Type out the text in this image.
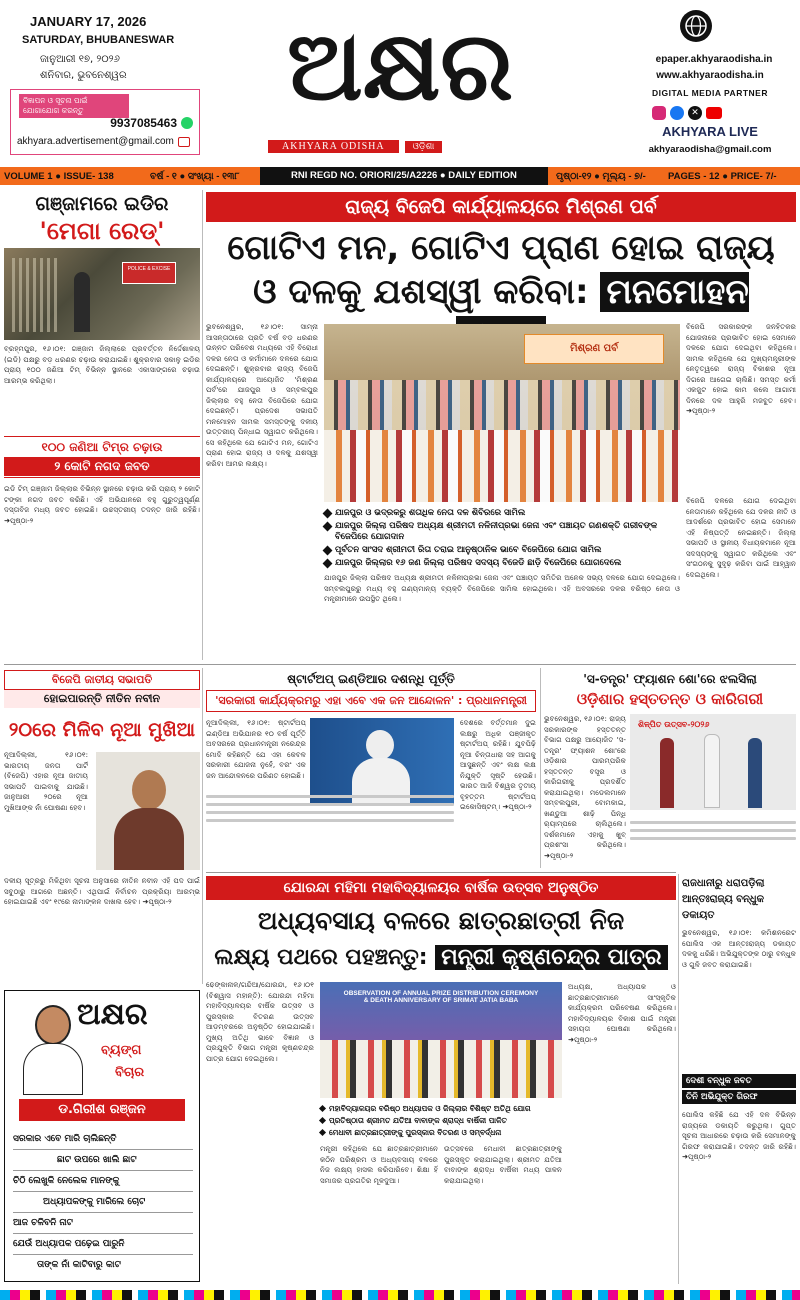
JANUARY 17, 2026
SATURDAY, BHUBANESWAR
ଜାନୁଆରୀ ୧୭, ୨୦୨୬
ଶନିବାର, ଭୁବନେଶ୍ୱର
ବିଜ୍ଞାପନ ଓ ସୂଚନା ପାଇଁ ଯୋଗାଯୋଗ କରନ୍ତୁ
9937085463
akhyara.advertisement@gmail.com
ଅକ୍ଷର
AKHYARA ODISHA	ଓଡ଼ିଶା
epaper.akhyaraodisha.in
www.akhyaraodisha.in
DIGITAL MEDIA PARTNER
✕
AKHYARA LIVE
akhyaraodisha@gmail.com
VOLUME 1 ● ISSUE- 138	ବର୍ଷ - ୧ ● ସଂଖ୍ୟା - ୧୩୮	RNI REGD NO. ORIORI/25/A2226 ● DAILY EDITION	ପୃଷ୍ଠା-୧୨ ● ମୂଲ୍ୟ - ୭/-	PAGES - 12 ● PRICE- 7/-
ଗଞ୍ଜାମରେ ଇଡିର
'ମେଗା ରେଡ୍'
POLICE & EXCISE
ବ୍ରହ୍ମପୁର, ୧୬।୦୧: ଗଞ୍ଜାମ ଜିଲ୍ଲାରେ ପ୍ରବର୍ତ୍ତନ ନିର୍ଦ୍ଦେଶାଳୟ (ଇଡି) ପକ୍ଷରୁ ବଡ଼ ଧରଣର ଚଢ଼ାଉ କରାଯାଇଛି। ଶୁକ୍ରବାର ସକାଳୁ ଇଡିର ପ୍ରାୟ ୧୦୦ ଜଣିଆ ଟିମ୍ ବିଭିନ୍ନ ସ୍ଥାନରେ ଏକାସାଙ୍ଗରେ ଚଢ଼ାଉ ଆରମ୍ଭ କରିଥିଲା।
୧୦୦ ଜଣିଆ ଟିମ୍‌ର ଚଢ଼ାଉ
୨ କୋଟି ନଗଦ ଜବତ
ଇଡି ଟିମ୍ ଗଞ୍ଜାମ ଜିଲ୍ଲାର ବିଭିନ୍ନ ସ୍ଥାନରେ ଚଢ଼ାଉ କରି ପ୍ରାୟ ୨ କୋଟି ଟଙ୍କା ନଗଦ ଜବତ କରିଛି। ଏହି ଅଭିଯାନରେ ବହୁ ଗୁରୁତ୍ୱପୂର୍ଣ୍ଣ ଦସ୍ତାବିଜ ମଧ୍ୟ ଜବତ ହୋଇଛି। ଉଚ୍ଚସ୍ତରୀୟ ତଦନ୍ତ ଜାରି ରହିଛି। ➜ପୃଷ୍ଠା-୨
ରାଜ୍ୟ ବିଜେପି କାର୍ଯ୍ୟାଳୟରେ ମିଶ୍ରଣ ପର୍ବ
ଗୋଟିଏ ମନ, ଗୋଟିଏ ପ୍ରାଣ ହୋଇ ରାଜ୍ୟ
ଓ ଦଳକୁ ଯଶସ୍ୱୀ କରିବା: ମନମୋହନ
ଭୁବନେଶ୍ୱର, ୧୬।୦୧: ସାମ୍ନା ଆସନ୍ତାଠାରେ ପ୍ରତି ବର୍ଷ ବଡ଼ ଧରଣର ଉନ୍ନତ ପରିବେଶ ମଧ୍ୟରେ ଏହି ବିରୋଧୀ ଦଳର ନେତା ଓ କର୍ମୀମାନେ ଦଳରେ ଯୋଗ ଦେଇଛନ୍ତି। ଶୁକ୍ରବାର ରାଜ୍ୟ ବିଜେପି କାର୍ଯ୍ୟାଳୟରେ ଆୟୋଜିତ 'ମିଶ୍ରଣ ପର୍ବ'ରେ ଯାଜପୁର ଓ ସମ୍ବଲପୁର ଜିଲ୍ଲାର ବହୁ ନେତା ବିଜେପିରେ ଯୋଗ ଦେଇଛନ୍ତି। ପ୍ରଦେଶ ସଭାପତି ମନମୋହନ ସାମଲ ସମସ୍ତଙ୍କୁ ଦଳୀୟ ଉତ୍ତରୀୟ ପିନ୍ଧାଇ ସ୍ୱାଗତ କରିଥିଲେ। ସେ କହିଥିଲେ ଯେ ଗୋଟିଏ ମନ, ଗୋଟିଏ ପ୍ରାଣ ହୋଇ ରାଜ୍ୟ ଓ ଦଳକୁ ଯଶସ୍ୱୀ କରିବା ଆମର ଲକ୍ଷ୍ୟ।
ମିଶ୍ରଣ ପର୍ବ
ଯାଜପୁର ଓ ଭଦ୍ରକରୁ ଶତାଧିକ ନେତା ଦଳ ଶିବିରରେ ସାମିଲ
ଯାଜପୁର ଜିଲ୍ଲା ପରିଷଦ ଅଧ୍ୟକ୍ଷ ଶ୍ରୀମତୀ ନଳିନୀପ୍ରଭା ଜେନା ଏବଂ ପଞ୍ଚାୟତ ଗଣଶକ୍ତି ଗରୀବଙ୍କ ବିଜେପିରେ ଯୋଗଦାନ
ପୂର୍ବତନ ସାଂସଦ ଶ୍ରୀମତୀ ରିତା ତରାଇ ଆନୁଷ୍ଠାନିକ ଭାବେ ବିଜେପିରେ ଯୋଗ ସାମିଲ
ଯାଜପୁର ଜିଲ୍ଲାର ୧୬ ଜଣ ଜିଲ୍ଲା ପରିଷଦ ସଦସ୍ୟ ବିଜେଡି ଛାଡ଼ି ବିଜେପିରେ ଯୋଗଦେଲେ
ଯାଜପୁର ଜିଲ୍ଲା ପରିଷଦ ଅଧ୍ୟକ୍ଷ ଶ୍ରୀମତୀ ନଳିନୀପ୍ରଭା ଜେନା ଏବଂ ପଞ୍ଚାୟତ ସମିତିର ଅନେକ ସଭ୍ୟ ଦଳରେ ଯୋଗ ଦେଇଥିଲେ। ସମ୍ବଲପୁରରୁ ମଧ୍ୟ ବହୁ ଗଣ୍ୟମାନ୍ୟ ବ୍ୟକ୍ତି ବିଜେପିରେ ସାମିଲ ହୋଇଥିଲେ। ଏହି ଅବସରରେ ଦଳର ବରିଷ୍ଠ ନେତା ଓ ମନ୍ତ୍ରୀମାନେ ଉପସ୍ଥିତ ଥିଲେ।
ବିଜେପି ସରକାରଙ୍କ ଜନହିତକର ଯୋଜନାରେ ପ୍ରଭାବିତ ହୋଇ ସେମାନେ ଦଳରେ ଯୋଗ ଦେଇଥିବା କହିଥିଲେ। ସାମଲ କହିଥିଲେ ଯେ ମୁଖ୍ୟମନ୍ତ୍ରୀଙ୍କ ନେତୃତ୍ୱରେ ରାଜ୍ୟ ବିକାଶର ନୂଆ ଦିଗରେ ଆଗେଇ ଚାଲିଛି। ସମସ୍ତ କର୍ମୀ ଏକଜୁଟ ହୋଇ କାମ କଲେ ଆଗାମୀ ଦିନରେ ଦଳ ଆହୁରି ମଜବୁତ ହେବ। ➜ପୃଷ୍ଠା-୨
ବିଜେପି ଦଳରେ ଯୋଗ ଦେଇଥିବା ନେତାମାନେ କହିଥିଲେ ଯେ ଦଳର ନୀତି ଓ ଆଦର୍ଶରେ ପ୍ରଭାବିତ ହୋଇ ସେମାନେ ଏହି ନିଷ୍ପତ୍ତି ନେଇଛନ୍ତି। ଜିଲ୍ଲା ସଭାପତି ଓ ସ୍ଥାନୀୟ ବିଧାୟକମାନେ ନୂଆ ସଦସ୍ୟଙ୍କୁ ସ୍ୱାଗତ କରିଥିଲେ ଏବଂ ସଂଗଠନକୁ ସୁଦୃଢ଼ କରିବା ପାଇଁ ଆହ୍ୱାନ ଦେଇଥିଲେ।
ବିଜେପି ଜାତୀୟ ସଭାପତି
ହୋଇପାରନ୍ତି ନୀତିନ ନବୀନ
୨୦ରେ ମିଳିବ ନୂଆ ମୁଖିଆ
ନୂଆଦିଲ୍ଲୀ, ୧୬।୦୧: ଭାରତୀୟ ଜନତା ପାର୍ଟି (ବିଜେପି) ଏହାର ନୂଆ ଜାତୀୟ ସଭାପତି ପାଇବାକୁ ଯାଉଛି। ଜାନୁଆରୀ ୨୦ରେ ନୂଆ ମୁଖିଆଙ୍କ ନାଁ ଘୋଷଣା ହେବ।
ଦଳୀୟ ସୂତ୍ରରୁ ମିଳିଥିବା ସୂଚନା ଅନୁସାରେ ନୀତିନ ନବୀନ ଏହି ପଦ ପାଇଁ ସବୁଠାରୁ ଆଗରେ ଅଛନ୍ତି। ଏଥିପାଇଁ ନିର୍ବାଚନ ପ୍ରକ୍ରିୟା ଆରମ୍ଭ ହୋଇଯାଇଛି ଏବଂ ୧୯ରେ ନାମାଙ୍କନ ଦାଖଲ ହେବ। ➜ପୃଷ୍ଠା-୨
ଷ୍ଟାର୍ଟଅପ୍ ଇଣ୍ଡିଆର ଦଶନ୍ଧି ପୂର୍ତ୍ତି
'ସରକାରୀ କାର୍ଯ୍ୟକ୍ରମରୁ ଏହା ଏବେ ଏକ ଜନ ଆନ୍ଦୋଳନ' : ପ୍ରଧାନମନ୍ତ୍ରୀ
ନୂଆଦିଲ୍ଲୀ, ୧୬।୦୧: ଷ୍ଟାର୍ଟଅପ୍ ଇଣ୍ଡିଆ ଅଭିଯାନର ୧୦ ବର୍ଷ ପୂର୍ତ୍ତି ଅବସରରେ ପ୍ରଧାନମନ୍ତ୍ରୀ ନରେନ୍ଦ୍ର ମୋଦି କହିଛନ୍ତି ଯେ ଏହା କେବଳ ସରକାରୀ ଯୋଜନା ନୁହେଁ, ବରଂ ଏକ ଜନ ଆନ୍ଦୋଳନରେ ପରିଣତ ହୋଇଛି।
ଦେଶରେ ବର୍ତ୍ତମାନ ଦୁଇ ଲକ୍ଷରୁ ଅଧିକ ପଞ୍ଜୀକୃତ ଷ୍ଟାର୍ଟଅପ୍ ରହିଛି। ଯୁବପିଢ଼ି ନୂଆ ଚିନ୍ତାଧାରା ସହ ଆଗକୁ ଆସୁଛନ୍ତି ଏବଂ ଲକ୍ଷ ଲକ୍ଷ ନିଯୁକ୍ତି ସୃଷ୍ଟି ହେଉଛି। ଭାରତ ଆଜି ବିଶ୍ୱର ତୃତୀୟ ବୃହତ୍ତମ ଷ୍ଟାର୍ଟଅପ୍ ଇକୋସିଷ୍ଟମ୍। ➜ପୃଷ୍ଠା-୨
'ସ-ତନ୍ତ୍ର' ଫ୍ୟାଶନ ଶୋ'ରେ ଝଲସିଲା
ଓଡ଼ିଶାର ହସ୍ତତନ୍ତ ଓ କାରିଗରୀ
ଭୁବନେଶ୍ୱର, ୧୬।୦୧: ରାଜ୍ୟ ସରକାରଙ୍କ ହସ୍ତତନ୍ତ ବିଭାଗ ପକ୍ଷରୁ ଆୟୋଜିତ 'ସ-ତନ୍ତ୍ର' ଫ୍ୟାଶନ ଶୋ'ରେ ଓଡ଼ିଶାର ପାରମ୍ପରିକ ହସ୍ତତନ୍ତ ବସ୍ତ୍ର ଓ କାରିଗରୀକୁ ପ୍ରଦର୍ଶିତ କରାଯାଇଥିଲା। ମଡେଲମାନେ ସମ୍ବଲପୁରୀ, ବୋମକାଇ, ଖଣ୍ଡୁଆ ଶାଢ଼ି ପିନ୍ଧି ର‌୍ୟାମ୍ପରେ ଚାଲିଥିଲେ। ଦର୍ଶକମାନେ ଏହାକୁ ଖୁବ୍ ପ୍ରଶଂସା କରିଥିଲେ। ➜ପୃଷ୍ଠା-୨
ଶିଳ୍ପିତ ଉତ୍ସବ-୨୦୨୬
ଯୋରନ୍ଦା ମହିମା ମହାବିଦ୍ୟାଳୟର ବାର୍ଷିକ ଉତ୍ସବ ଅନୁଷ୍ଠିତ
ଅଧ୍ୟବସାୟ ବଳରେ ଛାତ୍ରଛାତ୍ରୀ ନିଜ
ଲକ୍ଷ୍ୟ ପଥରେ ପହଞ୍ଚନ୍ତୁ: ମନ୍ତ୍ରୀ କୃଷ୍ଣଚନ୍ଦ୍ର ପାତ୍ର
ଢେଙ୍କାନାଳ/ଗନ୍ଦିଆ/ଯୋରନ୍ଦା, ୧୬।୦୧ (ବିଶ୍ୱାସ ମହାନ୍ତି): ଯୋରନ୍ଦା ମହିମା ମହାବିଦ୍ୟାଳୟର ବାର୍ଷିକ ଉତ୍ସବ ଓ ପୁରସ୍କାର ବିତରଣ ଉତ୍ସବ ଆଡ଼ମ୍ବରରେ ଅନୁଷ୍ଠିତ ହୋଇଯାଇଛି। ମୁଖ୍ୟ ଅତିଥି ଭାବେ ବିଜ୍ଞାନ ଓ ପ୍ରଯୁକ୍ତି ବିଭାଗ ମନ୍ତ୍ରୀ କୃଷ୍ଣଚନ୍ଦ୍ର ପାତ୍ର ଯୋଗ ଦେଇଥିଲେ।
OBSERVATION OF ANNUAL PRIZE DISTRIBUTION CEREMONY
& DEATH ANNIVERSARY OF SRIMAT JATIA BABA
ମହାବିଦ୍ୟାଳୟର ବରିଷ୍ଠ ଅଧ୍ୟାପକ ଓ ଜିଲ୍ଲାର ବିଶିଷ୍ଟ ଅତିଥି ଯୋଗ
ପ୍ରତିଷ୍ଠାତା ଶ୍ରୀମତ ଯତିଆ ବାବାଙ୍କ ଶ୍ରାଦ୍ଧ ବାର୍ଷିକୀ ପାଳିତ
ମେଧାବୀ ଛାତ୍ରଛାତ୍ରୀଙ୍କୁ ପୁରସ୍କାର ବିତରଣ ଓ ସମ୍ବର୍ଦ୍ଧନା
ମନ୍ତ୍ରୀ କହିଥିଲେ ଯେ ଛାତ୍ରଛାତ୍ରୀମାନେ କଠିନ ପରିଶ୍ରମ ଓ ଅଧ୍ୟବସାୟ ବଳରେ ନିଜ ଲକ୍ଷ୍ୟ ହାସଲ କରିପାରିବେ। ଶିକ୍ଷା ହିଁ ସମାଜର ପ୍ରଗତିର ମୂଳଦୁଆ।
ଉତ୍ସବରେ ମେଧାବୀ ଛାତ୍ରଛାତ୍ରୀଙ୍କୁ ପୁରସ୍କୃତ କରାଯାଇଥିଲା। ଶ୍ରୀମତ ଯତିଆ ବାବାଙ୍କ ଶ୍ରାଦ୍ଧ ବାର୍ଷିକୀ ମଧ୍ୟ ପାଳନ କରାଯାଇଥିଲା।
ଅଧ୍ୟକ୍ଷ, ଅଧ୍ୟାପକ ଓ ଛାତ୍ରଛାତ୍ରୀମାନେ ସାଂସ୍କୃତିକ କାର୍ଯ୍ୟକ୍ରମ ପରିବେଷଣ କରିଥିଲେ। ମହାବିଦ୍ୟାଳୟର ବିକାଶ ପାଇଁ ମନ୍ତ୍ରୀ ସହାୟତା ଘୋଷଣା କରିଥିଲେ। ➜ପୃଷ୍ଠା-୨
ରାଜଧାନୀରୁ ଧରାପଡ଼ିଲା
ଆନ୍ତଃରାଜ୍ୟ ବନ୍ଧୁକ ଡକାୟତ
ଭୁବନେଶ୍ୱର, ୧୬।୦୧: କମିଶନରେଟ ପୋଲିସ ଏକ ଆନ୍ତଃରାଜ୍ୟ ଡକାୟତ ଦଳକୁ ଧରିଛି। ଅଭିଯୁକ୍ତଙ୍କ ଠାରୁ ବନ୍ଧୁକ ଓ ଗୁଳି ଜବତ କରାଯାଇଛି।
ଦେଶୀ ବନ୍ଧୁକ ଜବତ
ତିନି ଅଭିଯୁକ୍ତ ଗିରଫ
ପୋଲିସ କହିଛି ଯେ ଏହି ଦଳ ବିଭିନ୍ନ ରାଜ୍ୟରେ ଡକାୟତି କରୁଥିଲା। ଗୁପ୍ତ ସୂଚନା ଆଧାରରେ ଚଢ଼ାଉ କରି ସେମାନଙ୍କୁ ଗିରଫ କରାଯାଇଛି। ତଦନ୍ତ ଜାରି ରହିଛି। ➜ପୃଷ୍ଠା-୨
ଅକ୍ଷର
ବ୍ୟଙ୍ଗ
ବିଚାର
ଡ.ଗିରୀଶ ରଞ୍ଜନ
ସରକାର ଏବେ ମାରି ଚାଲିଛନ୍ତି
ଛାଟ ଉପରେ ଖାଲି ଛାଟ
ଚିଠି ଲେଖୁକି ନେଲେକ ମାନଙ୍କୁ
ଅଧ୍ୟାପକଙ୍କୁ ମାରିଲେ ଚୋଟ
ଆଜ ଚଳିବନି ନାଟ
ଯେଉଁ ଅଧ୍ୟାପକ ପଢ଼େଇ ପାରୁନି
ତାଙ୍କ ନାଁ କାଟିବାରୁ କାଟ
